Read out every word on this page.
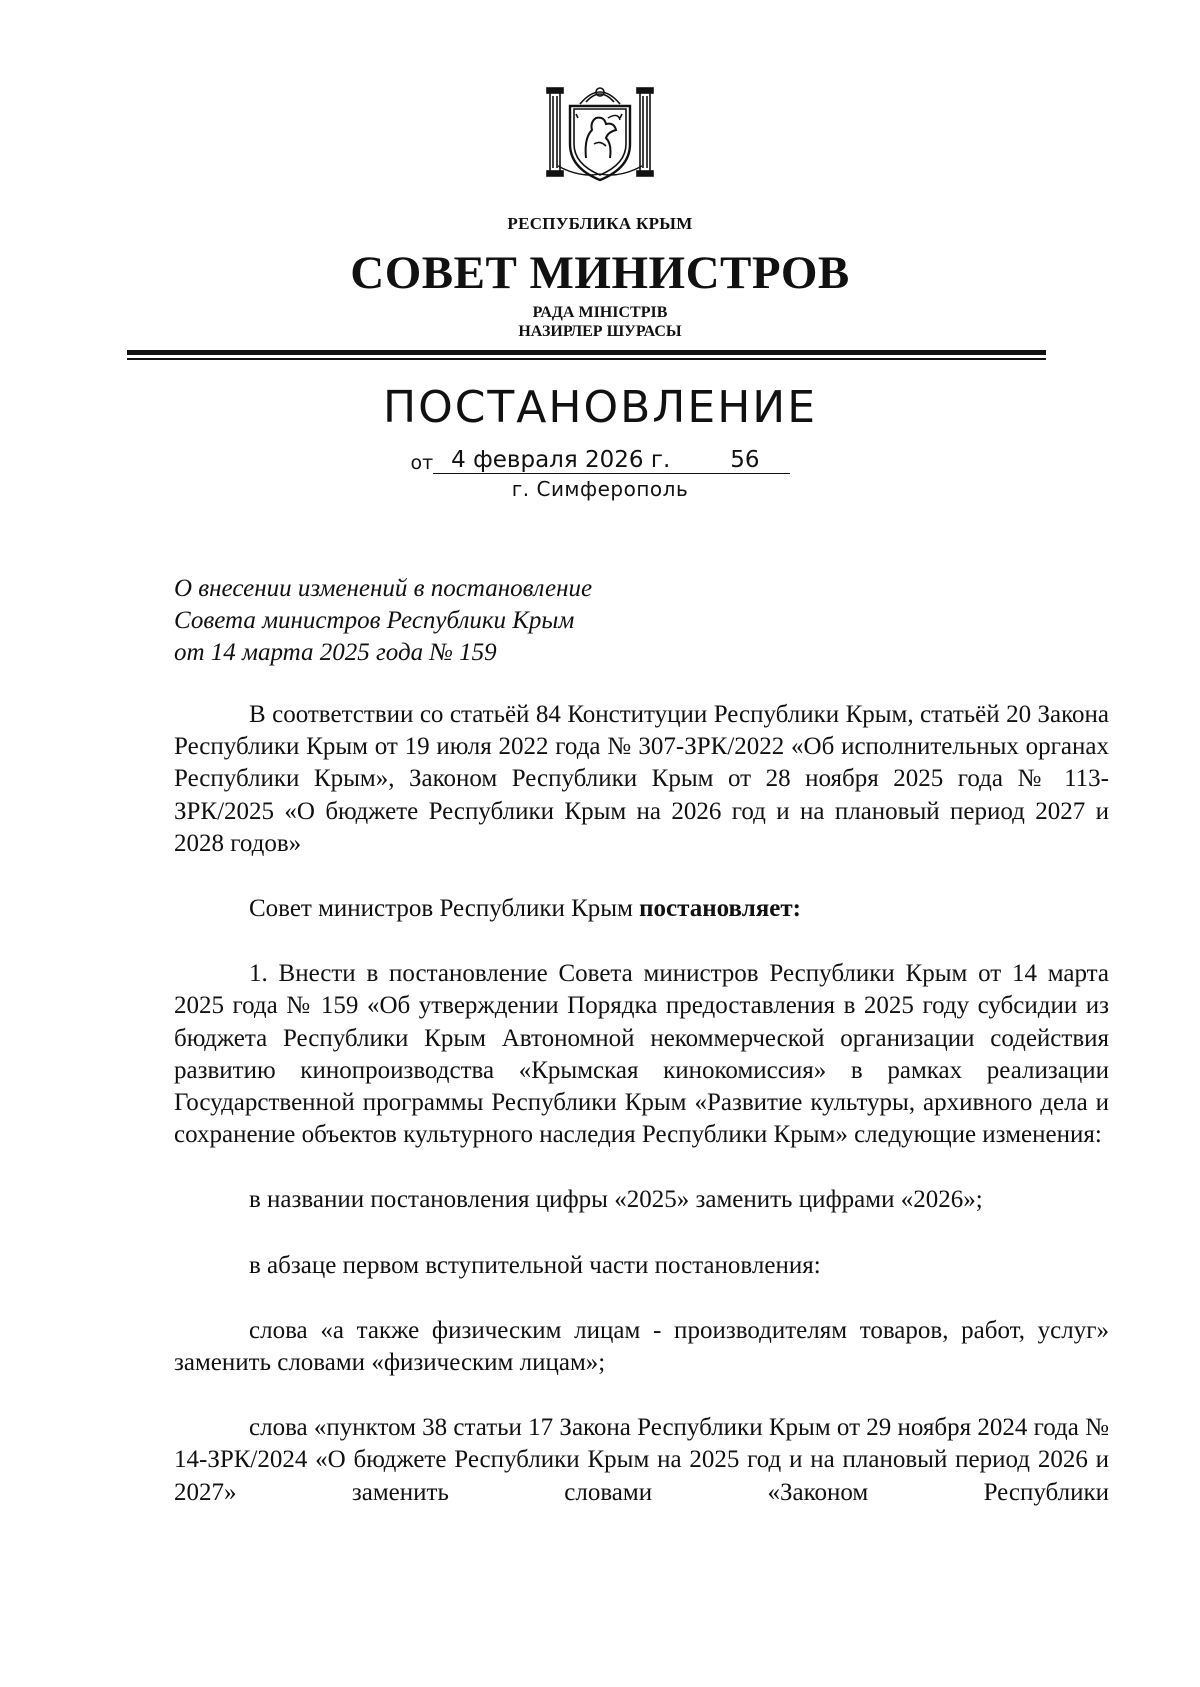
РЕСПУБЛИКА КРЫМ
СОВЕТ МИНИСТРОВ
РАДА МІНІСТРІВ
НАЗИРЛЕР ШУРАСЫ
ПОСТАНОВЛЕНИЕ
от 4 февраля 2026 г.	56
г. Симферополь
О внесении изменений в постановление
Совета министров Республики Крым
от 14 марта 2025 года № 159

В соответствии со статьёй 84 Конституции Республики Крым, статьёй 20 Закона Республики Крым от 19 июля 2022 года № 307-ЗРК/2022 «Об исполнительных органах Республики Крым», Законом Республики Крым от 28 ноября 2025 года № 113-ЗРК/2025 «О бюджете Республики Крым на 2026 год и на плановый период 2027 и 2028 годов»

Совет министров Республики Крым постановляет:

1. Внести в постановление Совета министров Республики Крым от 14 марта 2025 года № 159 «Об утверждении Порядка предоставления в 2025 году субсидии из бюджета Республики Крым Автономной некоммерческой организации содействия развитию кинопроизводства «Крымская кинокомиссия» в рамках реализации Государственной программы Республики Крым «Развитие культуры, архивного дела и сохранение объектов культурного наследия Республики Крым» следующие изменения:

в названии постановления цифры «2025» заменить цифрами «2026»;

в абзаце первом вступительной части постановления:

слова «а также физическим лицам - производителям товаров, работ, услуг» заменить словами «физическим лицам»;

слова «пунктом 38 статьи 17 Закона Республики Крым от 29 ноября 2024 года № 14-ЗРК/2024 «О бюджете Республики Крым на 2025 год и на плановый период 2026 и 2027» заменить словами «Законом Республики
